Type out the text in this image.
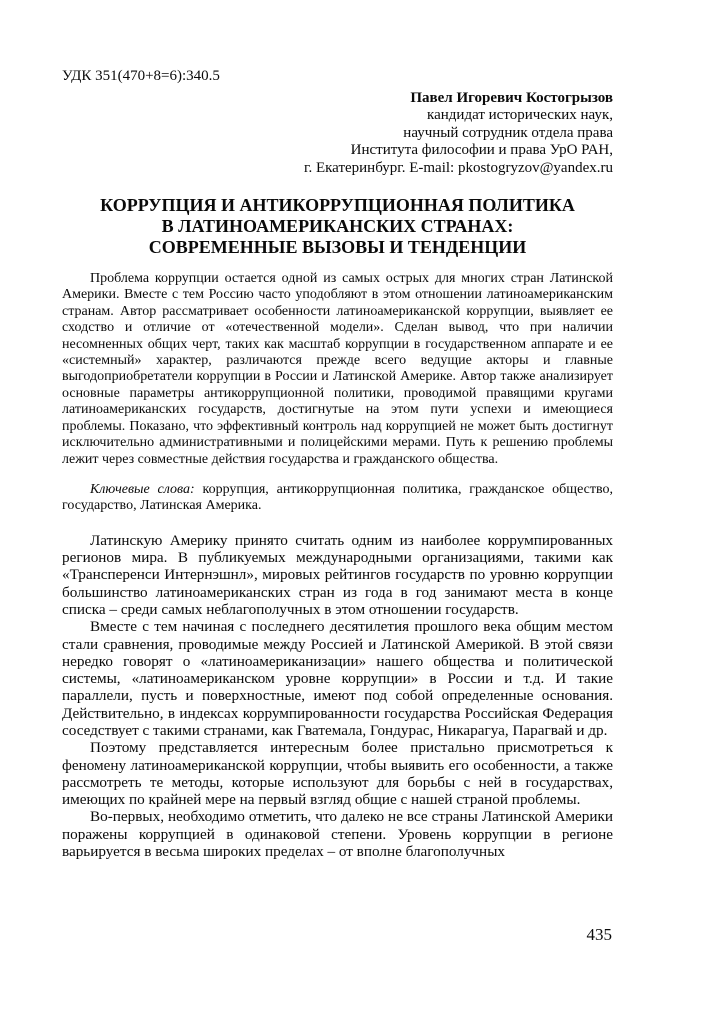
УДК 351(470+8=6):340.5
Павел Игоревич Костогрызов
кандидат исторических наук,
научный сотрудник отдела права
Института философии и права УрО РАН,
г. Екатеринбург. E-mail: pkostogryzov@yandex.ru
КОРРУПЦИЯ И АНТИКОРРУПЦИОННАЯ ПОЛИТИКА
В ЛАТИНОАМЕРИКАНСКИХ СТРАНАХ:
СОВРЕМЕННЫЕ ВЫЗОВЫ И ТЕНДЕНЦИИ
Проблема коррупции остается одной из самых острых для многих стран Латинской Америки. Вместе с тем Россию часто уподобляют в этом отношении латиноамериканским странам. Автор рассматривает особенности латиноамериканской коррупции, выявляет ее сходство и отличие от «отечественной модели». Сделан вывод, что при наличии несомненных общих черт, таких как масштаб коррупции в государственном аппарате и ее «системный» характер, различаются прежде всего ведущие акторы и главные выгодоприобретатели коррупции в России и Латинской Америке. Автор также анализирует основные параметры антикоррупционной политики, проводимой правящими кругами латиноамериканских государств, достигнутые на этом пути успехи и имеющиеся проблемы. Показано, что эффективный контроль над коррупцией не может быть достигнут исключительно административными и полицейскими мерами. Путь к решению проблемы лежит через совместные действия государства и гражданского общества.
Ключевые слова: коррупция, антикоррупционная политика, гражданское общество, государство, Латинская Америка.

Латинскую Америку принято считать одним из наиболее коррумпированных регионов мира. В публикуемых международными организациями, такими как «Трансперенси Интернэшнл», мировых рейтингов государств по уровню коррупции большинство латиноамериканских стран из года в год занимают места в конце списка – среди самых неблагополучных в этом отношении государств.

Вместе с тем начиная с последнего десятилетия прошлого века общим местом стали сравнения, проводимые между Россией и Латинской Америкой. В этой связи нередко говорят о «латиноамериканизации» нашего общества и политической системы, «латиноамериканском уровне коррупции» в России и т.д. И такие параллели, пусть и поверхностные, имеют под собой определенные основания. Действительно, в индексах коррумпированности государства Российская Федерация соседствует с такими странами, как Гватемала, Гондурас, Никарагуа, Парагвай и др.

Поэтому представляется интересным более пристально присмотреться к феномену латиноамериканской коррупции, чтобы выявить его особенности, а также рассмотреть те методы, которые используют для борьбы с ней в государствах, имеющих по крайней мере на первый взгляд общие с нашей страной проблемы.

Во-первых, необходимо отметить, что далеко не все страны Латинской Америки поражены коррупцией в одинаковой степени. Уровень коррупции в регионе варьируется в весьма широких пределах – от вполне благополучных

435
